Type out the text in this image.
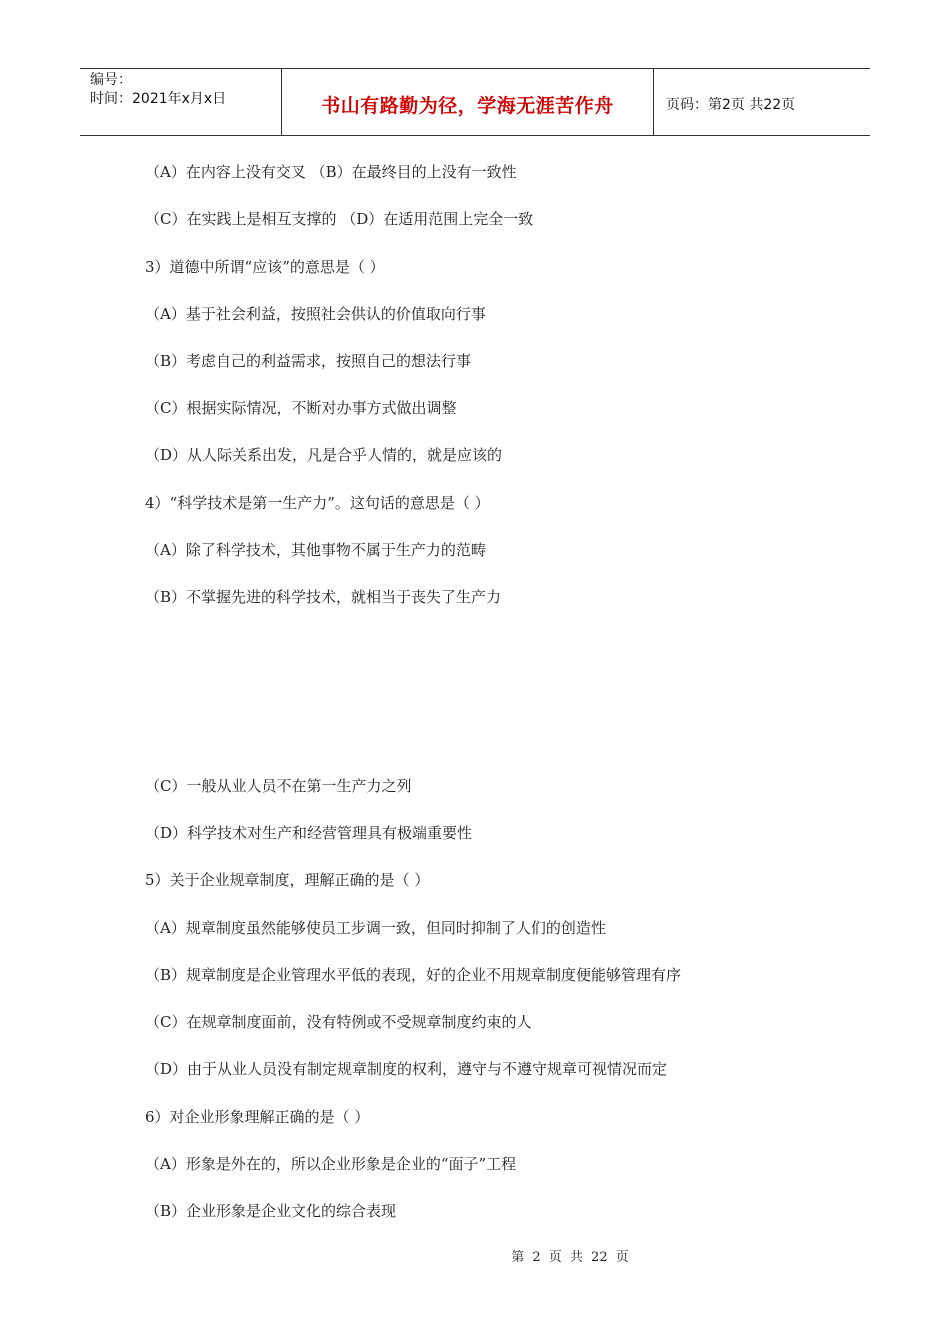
编号：
时间：2021年x月x日	书山有路勤为径，学海无涯苦作舟	页码：第2页 共22页
（A）在内容上没有交叉 （B）在最终目的上没有一致性
（C）在实践上是相互支撑的 （D）在适用范围上完全一致
3）道德中所谓“应该”的意思是（ ）
（A）基于社会利益，按照社会供认的价值取向行事
（B）考虑自己的利益需求，按照自己的想法行事
（C）根据实际情况，不断对办事方式做出调整
（D）从人际关系出发，凡是合乎人情的，就是应该的
4）“科学技术是第一生产力”。这句话的意思是（ ）
（A）除了科学技术，其他事物不属于生产力的范畴
（B）不掌握先进的科学技术，就相当于丧失了生产力
（C）一般从业人员不在第一生产力之列
（D）科学技术对生产和经营管理具有极端重要性
5）关于企业规章制度，理解正确的是（ ）
（A）规章制度虽然能够使员工步调一致，但同时抑制了人们的创造性
（B）规章制度是企业管理水平低的表现，好的企业不用规章制度便能够管理有序
（C）在规章制度面前，没有特例或不受规章制度约束的人
（D）由于从业人员没有制定规章制度的权利，遵守与不遵守规章可视情况而定
6）对企业形象理解正确的是（ ）
（A）形象是外在的，所以企业形象是企业的“面子”工程
（B）企业形象是企业文化的综合表现
第 2 页 共 22 页
